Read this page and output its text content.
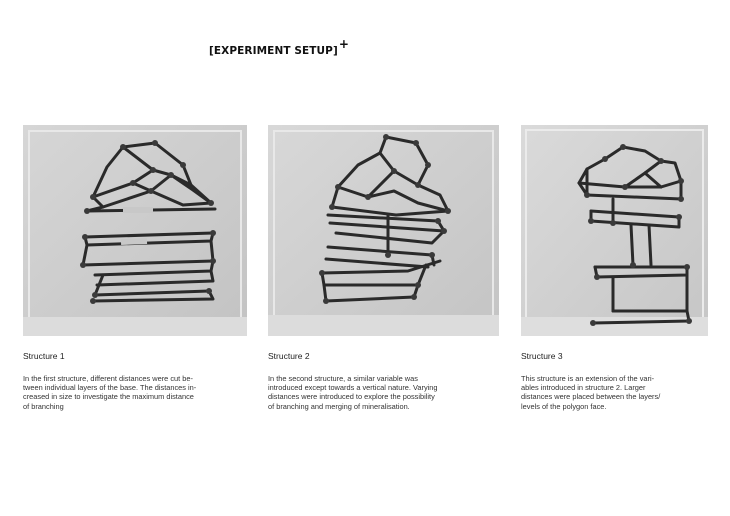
[EXPERIMENT SETUP]+
Structure 1
In the first structure, different distances were cut be-
tween individual layers of the base. The distances in-
creased in size to investigate the maximum distance
of branching
Structure 2
In the second structure, a similar variable was
introduced except towards a vertical nature. Varying
distances were introduced to explore the possibility
of branching and merging of mineralisation.
Structure 3
This structure is an extension of the vari-
ables introduced in structure 2. Larger
distances were placed between the layers/
levels of the polygon face.
